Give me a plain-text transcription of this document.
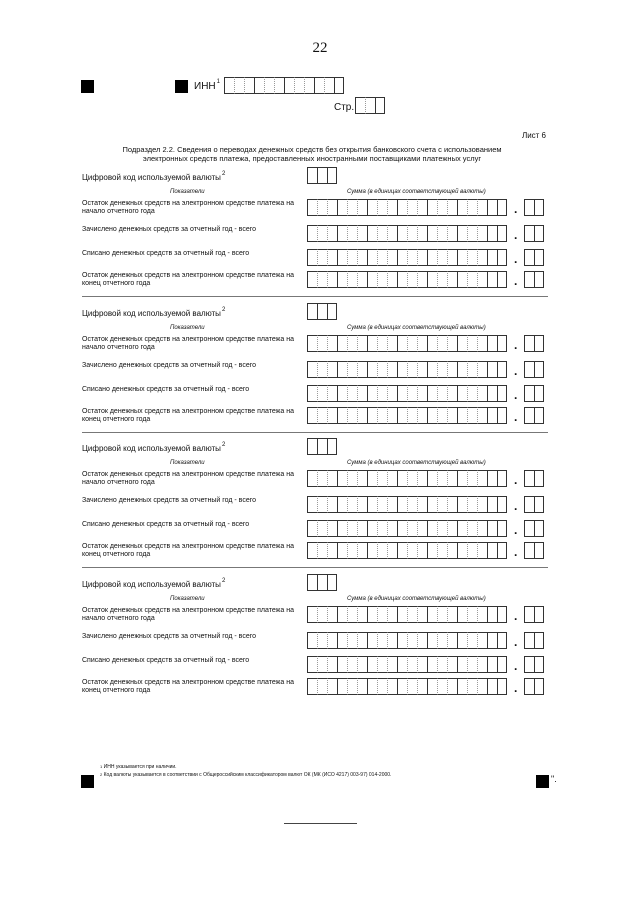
22
ИНН$^1$
Стр.
Лист 6
Подраздел 2.2. Сведения о переводах денежных средств без открытия банковского счета с использованием электронных средств платежа, предоставленных иностранными поставщиками платежных услуг
Цифровой код используемой валюты$^2$
Показатели	Сумма (в единицах соответствующей валюты)
Остаток денежных средств на электронном средстве платежа на начало отчетного года	.
Зачислено денежных средств за отчетный год - всего	.
Списано денежных средств за отчетный год - всего	.
Остаток денежных средств на электронном средстве платежа на конец отчетного года	.
Цифровой код используемой валюты$^2$
Показатели	Сумма (в единицах соответствующей валюты)
Остаток денежных средств на электронном средстве платежа на начало отчетного года	.
Зачислено денежных средств за отчетный год - всего	.
Списано денежных средств за отчетный год - всего	.
Остаток денежных средств на электронном средстве платежа на конец отчетного года	.
Цифровой код используемой валюты$^2$
Показатели	Сумма (в единицах соответствующей валюты)
Остаток денежных средств на электронном средстве платежа на начало отчетного года	.
Зачислено денежных средств за отчетный год - всего	.
Списано денежных средств за отчетный год - всего	.
Остаток денежных средств на электронном средстве платежа на конец отчетного года	.
Цифровой код используемой валюты$^2$
Показатели	Сумма (в единицах соответствующей валюты)
Остаток денежных средств на электронном средстве платежа на начало отчетного года	.
Зачислено денежных средств за отчетный год - всего	.
Списано денежных средств за отчетный год - всего	.
Остаток денежных средств на электронном средстве платежа на конец отчетного года	.
$^1$ ИНН указывается при наличии.
$^2$ Код валюты указывается в соответствии с Общероссийским классификатором валют ОК (МК (ИСО 4217) 003-97) 014-2000.	".
